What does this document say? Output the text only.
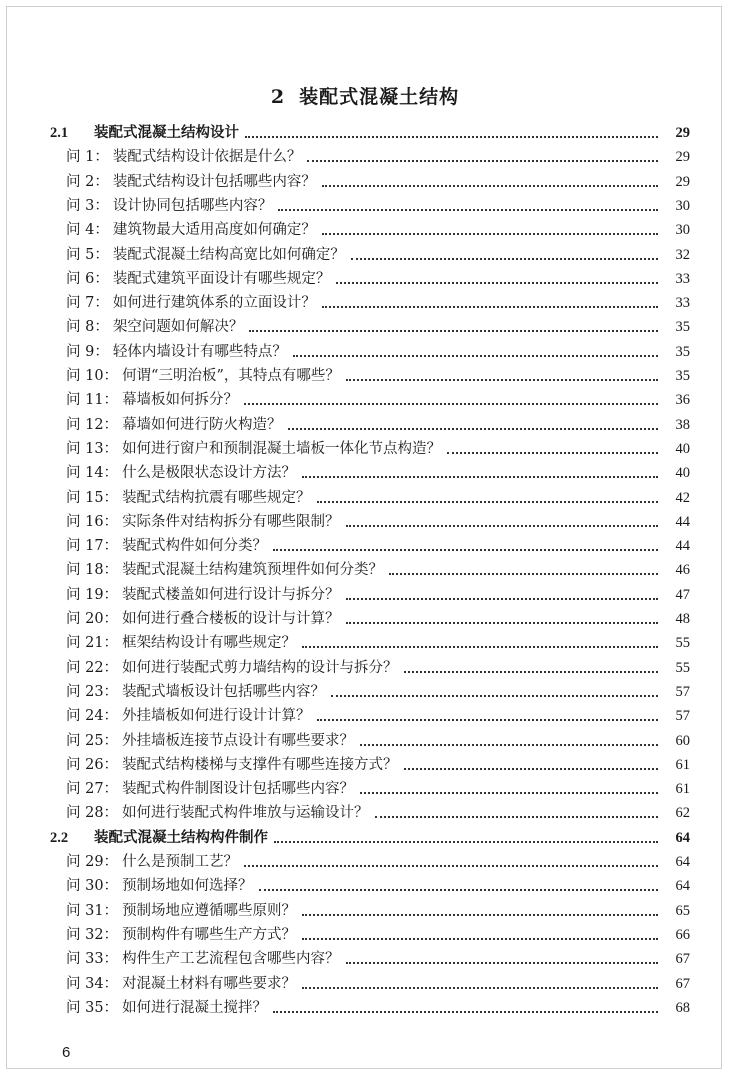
2 装配式混凝土结构
2.1 装配式混凝土结构设计	29
问 1： 装配式结构设计依据是什么？	29
问 2： 装配式结构设计包括哪些内容？	29
问 3： 设计协同包括哪些内容？	30
问 4： 建筑物最大适用高度如何确定？	30
问 5： 装配式混凝土结构高宽比如何确定？	32
问 6： 装配式建筑平面设计有哪些规定？	33
问 7： 如何进行建筑体系的立面设计？	33
问 8： 架空问题如何解决？	35
问 9： 轻体内墙设计有哪些特点？	35
问 10： 何谓“三明治板”，其特点有哪些？	35
问 11： 幕墙板如何拆分？	36
问 12： 幕墙如何进行防火构造？	38
问 13： 如何进行窗户和预制混凝土墙板一体化节点构造？	40
问 14： 什么是极限状态设计方法？	40
问 15： 装配式结构抗震有哪些规定？	42
问 16： 实际条件对结构拆分有哪些限制？	44
问 17： 装配式构件如何分类？	44
问 18： 装配式混凝土结构建筑预埋件如何分类？	46
问 19： 装配式楼盖如何进行设计与拆分？	47
问 20： 如何进行叠合楼板的设计与计算？	48
问 21： 框架结构设计有哪些规定？	55
问 22： 如何进行装配式剪力墙结构的设计与拆分？	55
问 23： 装配式墙板设计包括哪些内容？	57
问 24： 外挂墙板如何进行设计计算？	57
问 25： 外挂墙板连接节点设计有哪些要求？	60
问 26： 装配式结构楼梯与支撑件有哪些连接方式？	61
问 27： 装配式构件制图设计包括哪些内容？	61
问 28： 如何进行装配式构件堆放与运输设计？	62
2.2 装配式混凝土结构构件制作	64
问 29： 什么是预制工艺？	64
问 30： 预制场地如何选择？	64
问 31： 预制场地应遵循哪些原则？	65
问 32： 预制构件有哪些生产方式？	66
问 33： 构件生产工艺流程包含哪些内容？	67
问 34： 对混凝土材料有哪些要求？	67
问 35： 如何进行混凝土搅拌？	68
6
